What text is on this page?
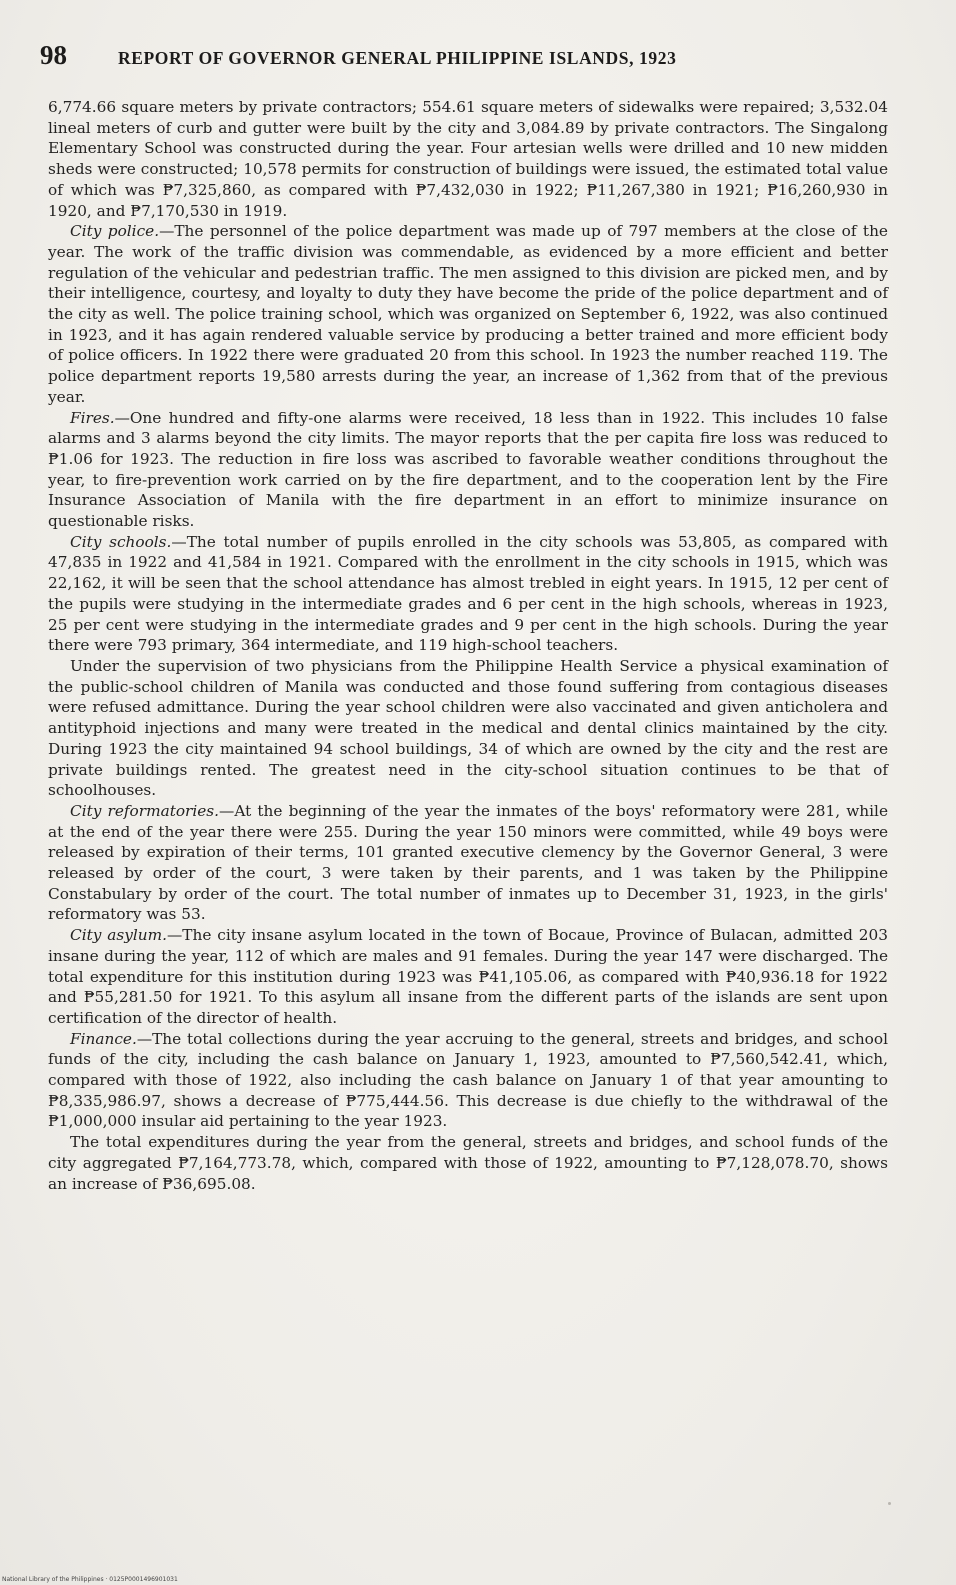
98	REPORT OF GOVERNOR GENERAL PHILIPPINE ISLANDS, 1923

6,774.66 square meters by private contractors; 554.61 square meters of sidewalks were repaired; 3,532.04 lineal meters of curb and gutter were built by the city and 3,084.89 by private contractors. The Singalong Elementary School was constructed during the year. Four artesian wells were drilled and 10 new midden sheds were constructed; 10,578 permits for construction of buildings were issued, the estimated total value of which was ₱7,325,860, as compared with ₱7,432,030 in 1922; ₱11,267,380 in 1921; ₱16,260,930 in 1920, and ₱7,170,530 in 1919.

City police.—The personnel of the police department was made up of 797 members at the close of the year. The work of the traffic division was commendable, as evidenced by a more efficient and better regulation of the vehicular and pedestrian traffic. The men assigned to this division are picked men, and by their intelligence, courtesy, and loyalty to duty they have become the pride of the police department and of the city as well. The police training school, which was organized on September 6, 1922, was also continued in 1923, and it has again rendered valuable service by producing a better trained and more efficient body of police officers. In 1922 there were graduated 20 from this school. In 1923 the number reached 119. The police department reports 19,580 arrests during the year, an increase of 1,362 from that of the previous year.

Fires.—One hundred and fifty-one alarms were received, 18 less than in 1922. This includes 10 false alarms and 3 alarms beyond the city limits. The mayor reports that the per capita fire loss was reduced to ₱1.06 for 1923. The reduction in fire loss was ascribed to favorable weather conditions throughout the year, to fire-prevention work carried on by the fire department, and to the cooperation lent by the Fire Insurance Association of Manila with the fire department in an effort to minimize insurance on questionable risks.

City schools.—The total number of pupils enrolled in the city schools was 53,805, as compared with 47,835 in 1922 and 41,584 in 1921. Compared with the enrollment in the city schools in 1915, which was 22,162, it will be seen that the school attendance has almost trebled in eight years. In 1915, 12 per cent of the pupils were studying in the intermediate grades and 6 per cent in the high schools, whereas in 1923, 25 per cent were studying in the intermediate grades and 9 per cent in the high schools. During the year there were 793 primary, 364 intermediate, and 119 high-school teachers.

Under the supervision of two physicians from the Philippine Health Service a physical examination of the public-school children of Manila was conducted and those found suffering from contagious diseases were refused admittance. During the year school children were also vaccinated and given anticholera and antityphoid injections and many were treated in the medical and dental clinics maintained by the city. During 1923 the city maintained 94 school buildings, 34 of which are owned by the city and the rest are private buildings rented. The greatest need in the city-school situation continues to be that of schoolhouses.

City reformatories.—At the beginning of the year the inmates of the boys' reformatory were 281, while at the end of the year there were 255. During the year 150 minors were committed, while 49 boys were released by expiration of their terms, 101 granted executive clemency by the Governor General, 3 were released by order of the court, 3 were taken by their parents, and 1 was taken by the Philippine Constabulary by order of the court. The total number of inmates up to December 31, 1923, in the girls' reformatory was 53.

City asylum.—The city insane asylum located in the town of Bocaue, Province of Bulacan, admitted 203 insane during the year, 112 of which are males and 91 females. During the year 147 were discharged. The total expenditure for this institution during 1923 was ₱41,105.06, as compared with ₱40,936.18 for 1922 and ₱55,281.50 for 1921. To this asylum all insane from the different parts of the islands are sent upon certification of the director of health.

Finance.—The total collections during the year accruing to the general, streets and bridges, and school funds of the city, including the cash balance on January 1, 1923, amounted to ₱7,560,542.41, which, compared with those of 1922, also including the cash balance on January 1 of that year amounting to ₱8,335,986.97, shows a decrease of ₱775,444.56. This decrease is due chiefly to the withdrawal of the ₱1,000,000 insular aid pertaining to the year 1923.

The total expenditures during the year from the general, streets and bridges, and school funds of the city aggregated ₱7,164,773.78, which, compared with those of 1922, amounting to ₱7,128,078.70, shows an increase of ₱36,695.08.

National Library of the Philippines · 0125P0001496901031
